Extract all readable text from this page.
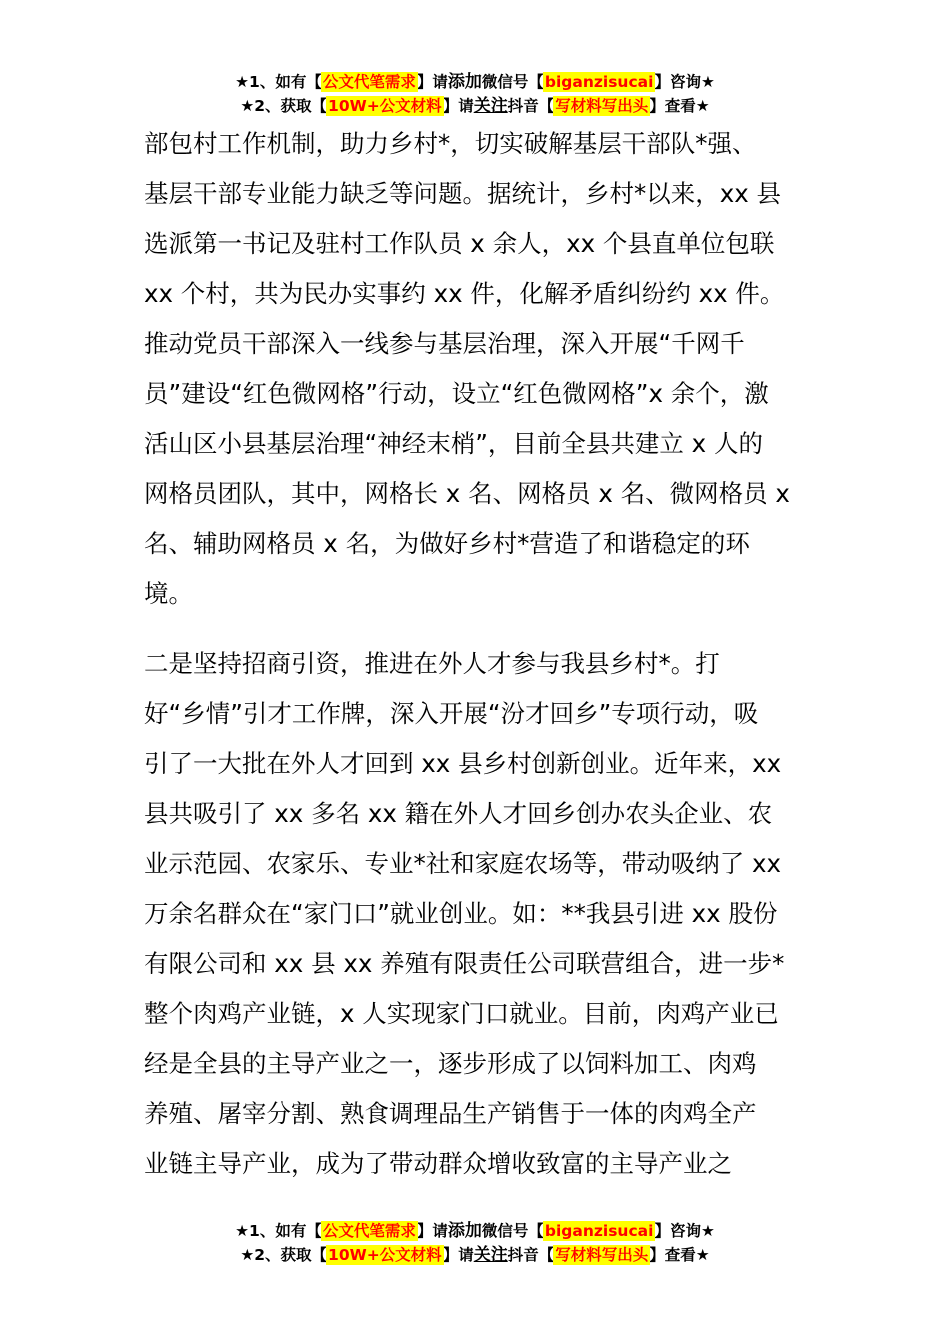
★1、如有【公文代笔需求】请添加微信号【biganzisucai】咨询★
★2、获取【10W+公文材料】请关注抖音【写材料写出头】查看★
部包村工作机制，助力乡村*，切实破解基层干部队*强、
基层干部专业能力缺乏等问题。据统计，乡村*以来，xx 县
选派第一书记及驻村工作队员 x 余人，xx 个县直单位包联
xx 个村，共为民办实事约 xx 件，化解矛盾纠纷约 xx 件。
推动党员干部深入一线参与基层治理，深入开展“千网千
员”建设“红色微网格”行动，设立“红色微网格”x 余个，激
活山区小县基层治理“神经末梢”，目前全县共建立 x 人的
网格员团队，其中，网格长 x 名、网格员 x 名、微网格员 x
名、辅助网格员 x 名，为做好乡村*营造了和谐稳定的环
境。
二是坚持招商引资，推进在外人才参与我县乡村*。打
好“乡情”引才工作牌，深入开展“汾才回乡”专项行动，吸
引了一大批在外人才回到 xx 县乡村创新创业。近年来，xx
县共吸引了 xx 多名 xx 籍在外人才回乡创办农头企业、农
业示范园、农家乐、专业*社和家庭农场等，带动吸纳了 xx
万余名群众在“家门口”就业创业。如：**我县引进 xx 股份
有限公司和 xx 县 xx 养殖有限责任公司联营组合，进一步*
整个肉鸡产业链，x 人实现家门口就业。目前，肉鸡产业已
经是全县的主导产业之一，逐步形成了以饲料加工、肉鸡
养殖、屠宰分割、熟食调理品生产销售于一体的肉鸡全产
业链主导产业，成为了带动群众增收致富的主导产业之
★1、如有【公文代笔需求】请添加微信号【biganzisucai】咨询★
★2、获取【10W+公文材料】请关注抖音【写材料写出头】查看★
